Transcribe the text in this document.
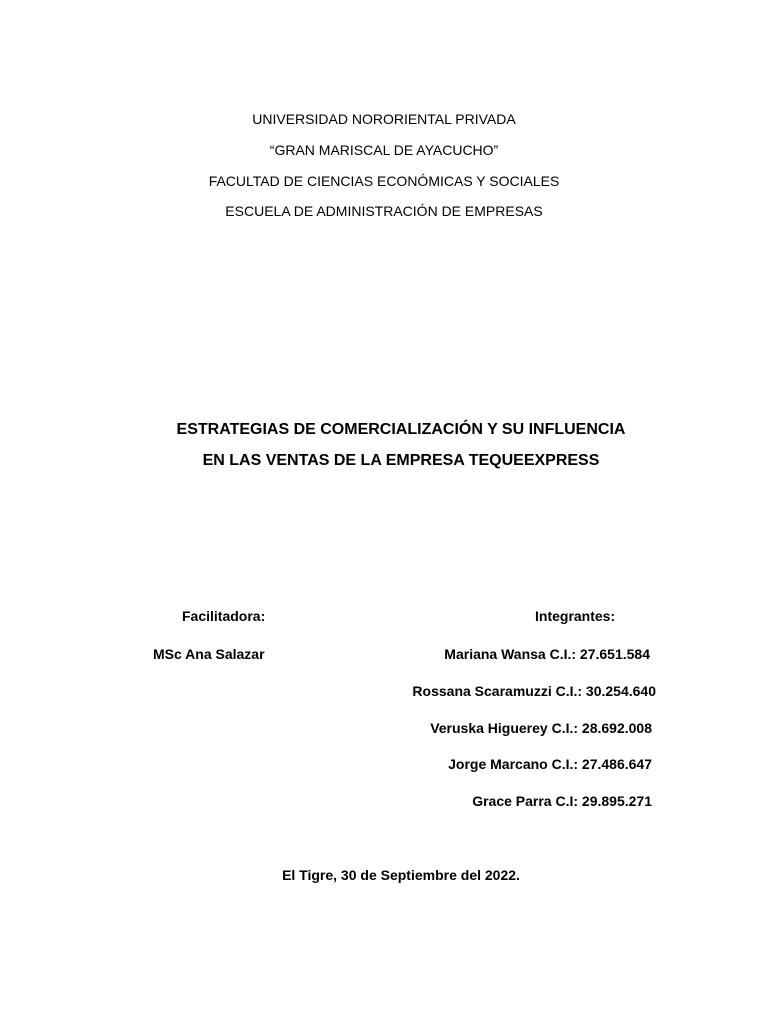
UNIVERSIDAD NORORIENTAL PRIVADA
“GRAN MARISCAL DE AYACUCHO”
FACULTAD DE CIENCIAS ECONÓMICAS Y SOCIALES
ESCUELA DE ADMINISTRACIÓN DE EMPRESAS
ESTRATEGIAS DE COMERCIALIZACIÓN Y SU INFLUENCIA
EN LAS VENTAS DE LA EMPRESA TEQUEEXPRESS
Facilitadora:
MSc Ana Salazar
Integrantes:
Mariana Wansa C.I.: 27.651.584
Rossana Scaramuzzi C.I.: 30.254.640
Veruska Higuerey C.I.: 28.692.008
Jorge Marcano C.I.: 27.486.647
Grace Parra C.I: 29.895.271
El Tigre, 30 de Septiembre del 2022.
